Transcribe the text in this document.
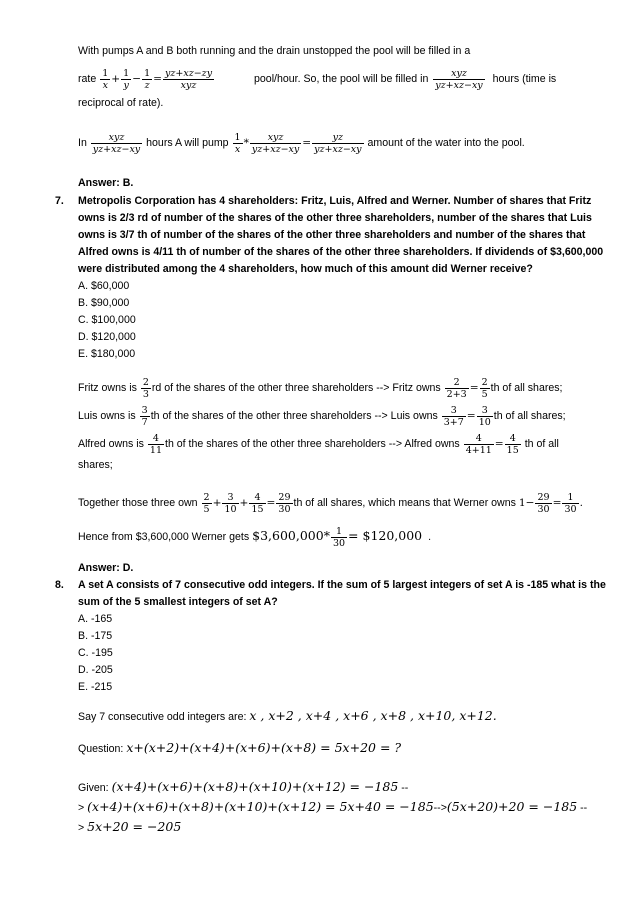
With pumps A and B both running and the drain unstopped the pool will be filled in a
rate $\frac{1}{x} + \frac{1}{y} - \frac{1}{z} = \frac{yz+xz-zy}{\text{xyz}}$	pool/hour. So, the pool will be filled in $\frac{\text{xyz}}{yz+xz-xy}$ hours (time is
reciprocal of rate).
In $\frac{\text{xyz}}{yz+xz-xy}$ hours A will pump $\frac{1}{x} * \frac{\text{xyz}}{yz+xz-xy} = \frac{yz}{yz+xz-xy}$ amount of the water into the pool.
Answer: B.
7. Metropolis Corporation has 4 shareholders: Fritz, Luis, Alfred and Werner. Number of shares that Fritz
owns is 2/3 rd of number of the shares of the other three shareholders, number of the shares that Luis
owns is 3/7 th of number of the shares of the other three shareholders and number of the shares that
Alfred owns is 4/11 th of number of the shares of the other three shareholders. If dividends of $3,600,000
were distributed among the 4 shareholders, how much of this amount did Werner receive?
A. $60,000
B. $90,000
C. $100,000
D. $120,000
E. $180,000
Fritz owns is $\frac{2}{3}$ rd of the shares of the other three shareholders --> Fritz owns $\frac{2}{2+3} = \frac{2}{5}$ th of all shares;
Luis owns is $\frac{3}{7}$ th of the shares of the other three shareholders --> Luis owns $\frac{3}{3+7} = \frac{3}{10}$ th of all shares;
Alfred owns is $\frac{4}{11}$ th of the shares of the other three shareholders --> Alfred owns $\frac{4}{4+11} = \frac{4}{15}$ th of all
shares;
Together those three own $\frac{2}{5} + \frac{3}{10} + \frac{4}{15} = \frac{29}{30}$ th of all shares, which means that Werner owns $1- \frac{29}{30} = \frac{1}{30}$ .
Hence from $3,600,000 Werner gets $3,600,000* $\frac{1}{30}$ = $120,000 .
Answer: D.
8. A set A consists of 7 consecutive odd integers. If the sum of 5 largest integers of set A is -185 what is the
sum of the 5 smallest integers of set A?
A. -165
B. -175
C. -195
D. -205
E. -215
Say 7 consecutive odd integers are: x , x+2 , x+4 , x+6 , x+8 , x+10, x+12.
Question: x+(x+2)+(x+4)+(x+6)+(x+8) = 5x+20 = ?
Given: (x+4)+(x+6)+(x+8)+(x+10)+(x+12) = −185 --
> (x+4)+(x+6)+(x+8)+(x+10)+(x+12) = 5x+40 = −185-->(5x+20)+20 = −185 --
> 5x+20 = −205
